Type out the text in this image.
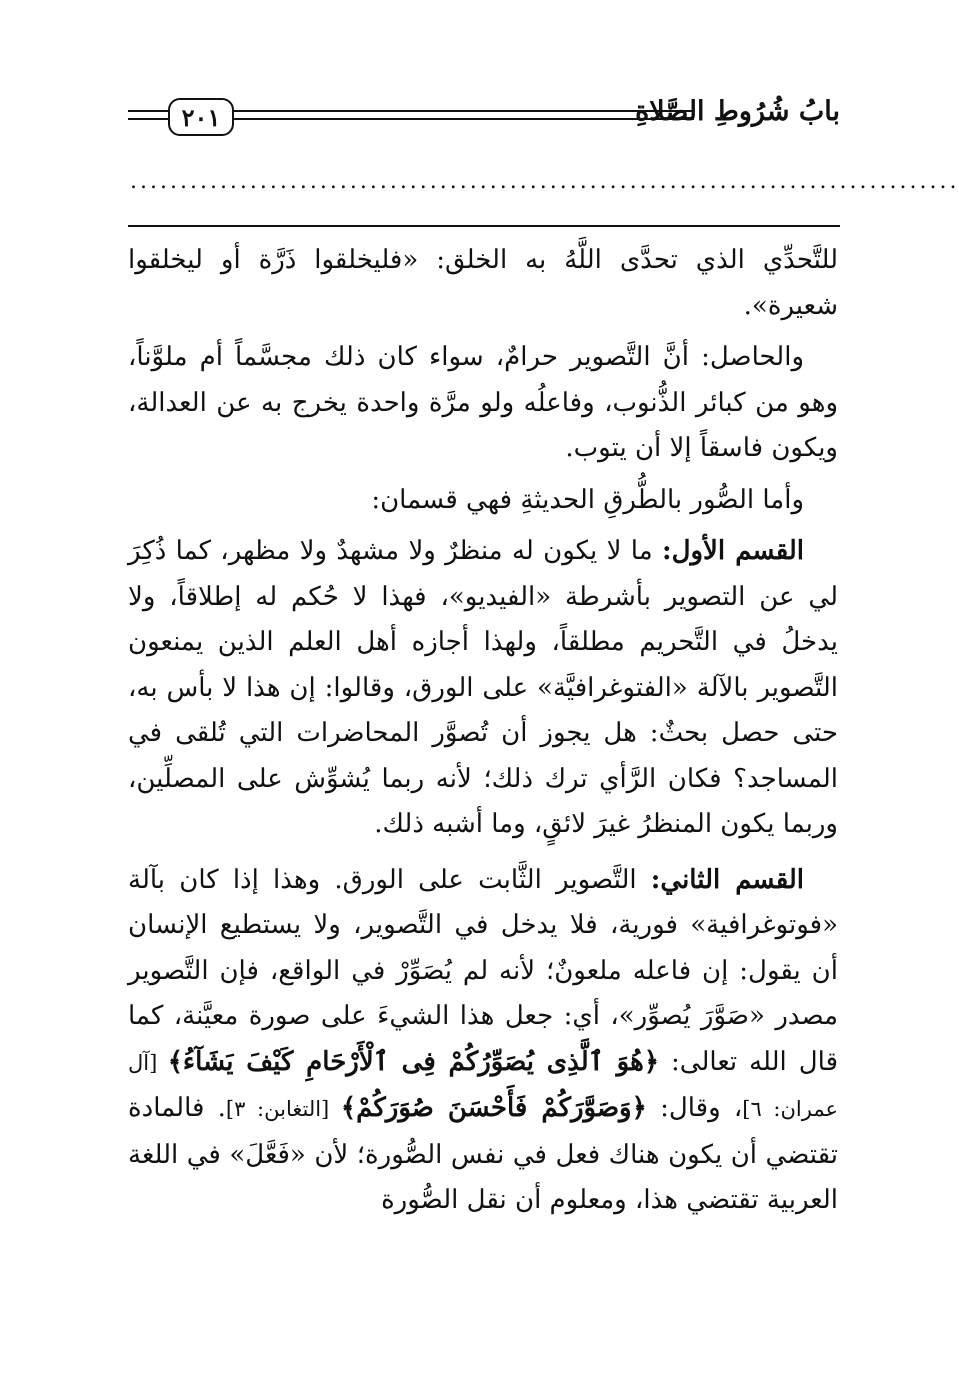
بابُ شُرُوطِ الصَّلاةِ
٢٠١
...................................................................................

للتَّحدِّي الذي تحدَّى اللَّهُ به الخلق: «فليخلقوا ذَرَّة أو ليخلقوا شعيرة».

والحاصل: أنَّ التَّصوير حرامٌ، سواء كان ذلك مجسَّماً أم ملوَّناً، وهو من كبائر الذُّنوب، وفاعلُه ولو مرَّة واحدة يخرج به عن العدالة، ويكون فاسقاً إلا أن يتوب.

وأما الصُّور بالطُّرقِ الحديثةِ فهي قسمان:

القسم الأول: ما لا يكون له منظرٌ ولا مشهدٌ ولا مظهر، كما ذُكِرَ لي عن التصوير بأشرطة «الفيديو»، فهذا لا حُكم له إطلاقاً، ولا يدخلُ في التَّحريم مطلقاً، ولهذا أجازه أهل العلم الذين يمنعون التَّصوير بالآلة «الفتوغرافيَّة» على الورق، وقالوا: إن هذا لا بأس به، حتى حصل بحثٌ: هل يجوز أن تُصوَّر المحاضرات التي تُلقى في المساجد؟ فكان الرَّأي ترك ذلك؛ لأنه ربما يُشوِّش على المصلِّين، وربما يكون المنظرُ غيرَ لائقٍ، وما أشبه ذلك.

القسم الثاني: التَّصوير الثَّابت على الورق. وهذا إذا كان بآلة «فوتوغرافية» فورية، فلا يدخل في التَّصوير، ولا يستطيع الإنسان أن يقول: إن فاعله ملعونٌ؛ لأنه لم يُصَوِّرْ في الواقع، فإن التَّصوير مصدر «صَوَّرَ يُصوِّر»، أي: جعل هذا الشيءَ على صورة معيَّنة، كما قال الله تعالى: ﴿هُوَ ٱلَّذِى يُصَوِّرُكُمْ فِى ٱلْأَرْحَامِ كَيْفَ يَشَآءُ﴾ [آل عمران: ٦]، وقال: ﴿وَصَوَّرَكُمْ فَأَحْسَنَ صُوَرَكُمْ﴾ [التغابن: ٣]. فالمادة تقتضي أن يكون هناك فعل في نفس الصُّورة؛ لأن «فَعَّلَ» في اللغة العربية تقتضي هذا، ومعلوم أن نقل الصُّورة
